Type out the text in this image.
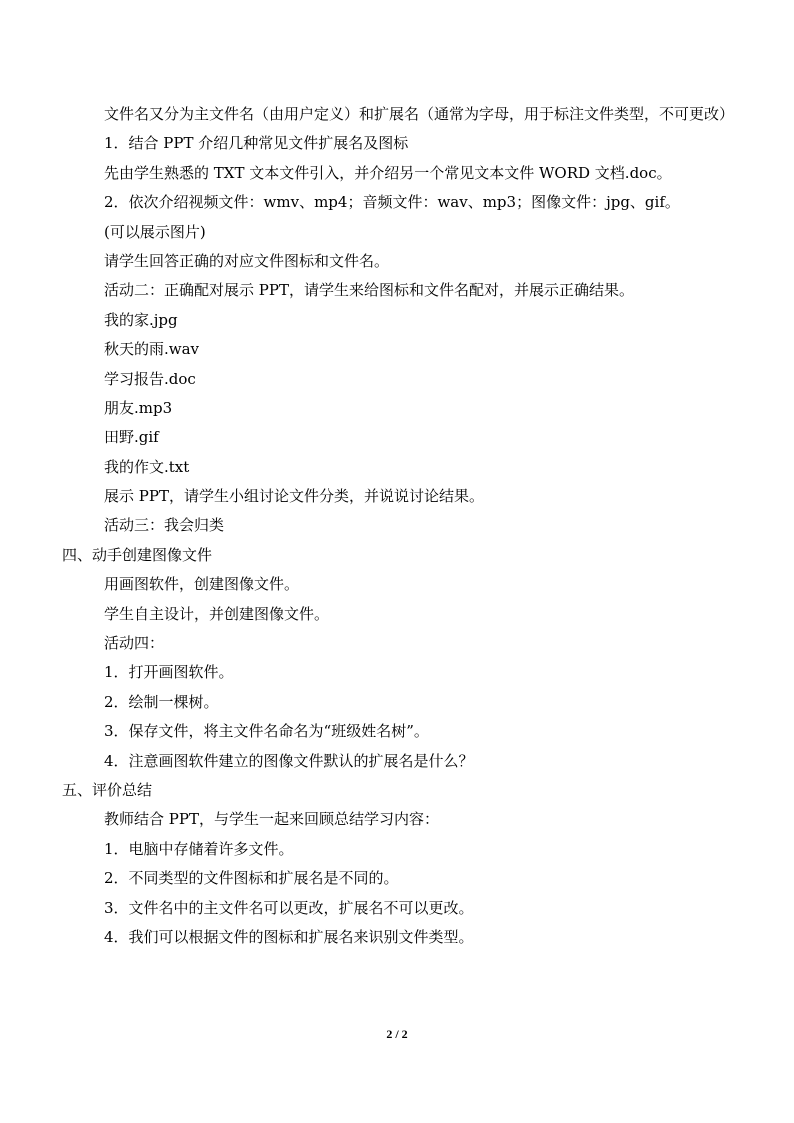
文件名又分为主文件名（由用户定义）和扩展名（通常为字母，用于标注文件类型，不可更改）
1．结合 PPT 介绍几种常见文件扩展名及图标
先由学生熟悉的 TXT 文本文件引入，并介绍另一个常见文本文件 WORD 文档.doc。
2．依次介绍视频文件：wmv、mp4；音频文件：wav、mp3；图像文件：jpg、gif。
(可以展示图片)
请学生回答正确的对应文件图标和文件名。
活动二：正确配对展示 PPT，请学生来给图标和文件名配对，并展示正确结果。
我的家.jpg
秋天的雨.wav
学习报告.doc
朋友.mp3
田野.gif
我的作文.txt
展示 PPT，请学生小组讨论文件分类，并说说讨论结果。
活动三：我会归类
四、动手创建图像文件
用画图软件，创建图像文件。
学生自主设计，并创建图像文件。
活动四：
1．打开画图软件。
2．绘制一棵树。
3．保存文件，将主文件名命名为“班级姓名树”。
4．注意画图软件建立的图像文件默认的扩展名是什么？
五、评价总结
教师结合 PPT，与学生一起来回顾总结学习内容：
1．电脑中存储着许多文件。
2．不同类型的文件图标和扩展名是不同的。
3．文件名中的主文件名可以更改，扩展名不可以更改。
4．我们可以根据文件的图标和扩展名来识别文件类型。
2 / 2
